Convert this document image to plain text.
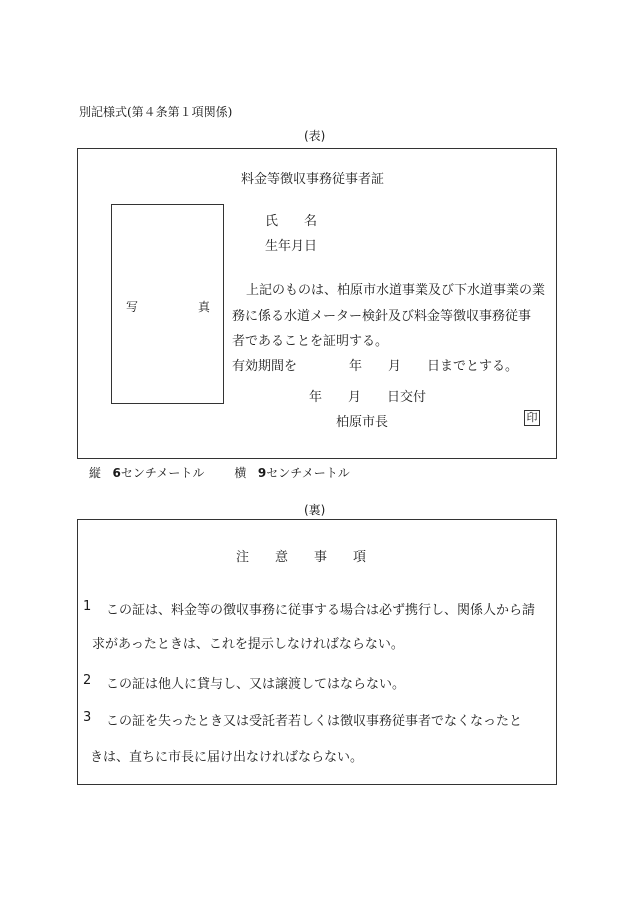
別記様式(第４条第１項関係)
(表)
料金等徴収事務従事者証
写	真
氏　　名
生年月日
上記のものは、柏原市水道事業及び下水道事業の業
務に係る水道メーター検針及び料金等徴収事務従事
者であることを証明する。
有効期間を　　　　年　　月　　日までとする。
年　　月　　日交付
柏原市長	印
縦 6センチメートル	横 9センチメートル
(裏)
注　　意　　事　　項
1 この証は、料金等の徴収事務に従事する場合は必ず携行し、関係人から請
求があったときは、これを提示しなければならない。
2 この証は他人に貸与し、又は譲渡してはならない。
3 この証を失ったとき又は受託者若しくは徴収事務従事者でなくなったと
きは、直ちに市長に届け出なければならない。
